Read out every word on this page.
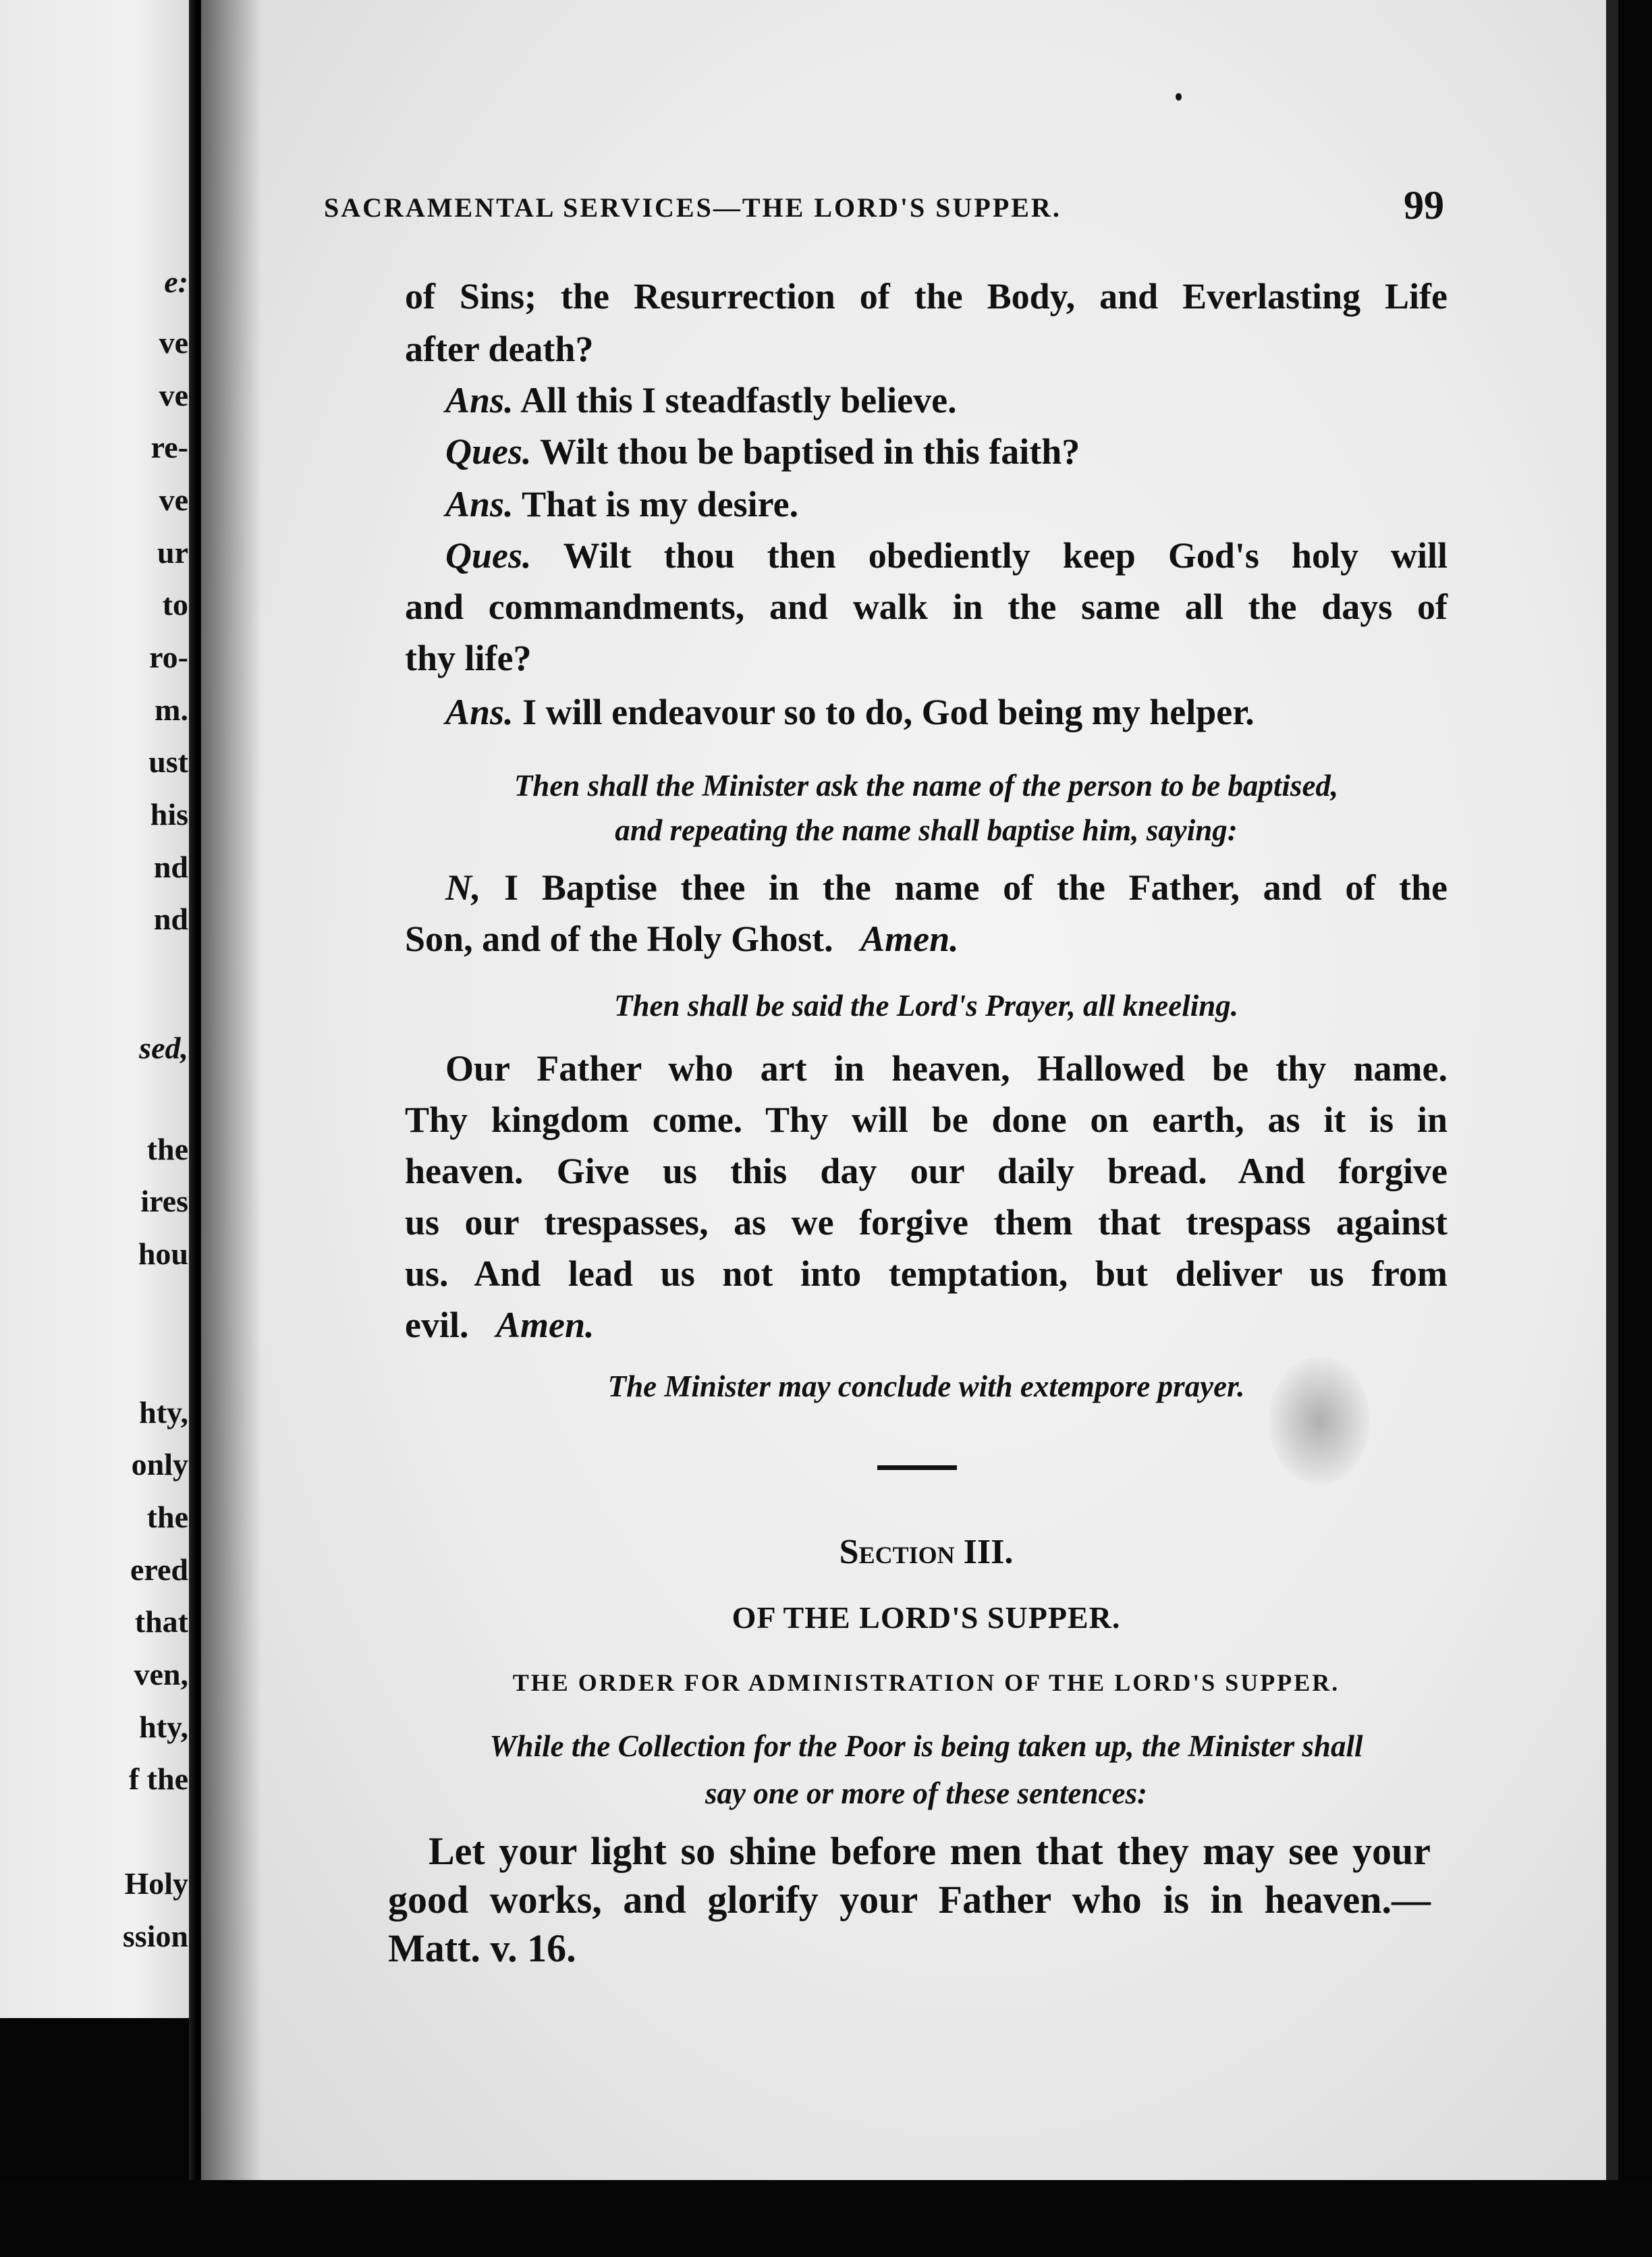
e:
ve
ve
re-
ve
ur
to
ro-
m.
ust
his
nd
nd
sed,
the
ires
hou
hty,
only
the
ered
that
ven,
hty,
f the
Holy
ssion
SACRAMENTAL SERVICES—THE LORD'S SUPPER.	99
of Sins; the Resurrection of the Body, and Everlasting Life
after death?
Ans. All this I steadfastly believe.
Ques. Wilt thou be baptised in this faith?
Ans. That is my desire.
Ques. Wilt thou then obediently keep God's holy will
and commandments, and walk in the same all the days of
thy life?
Ans. I will endeavour so to do, God being my helper.
Then shall the Minister ask the name of the person to be baptised,
and repeating the name shall baptise him, saying:
N, I Baptise thee in the name of the Father, and of the
Son, and of the Holy Ghost. Amen.
Then shall be said the Lord's Prayer, all kneeling.
Our Father who art in heaven, Hallowed be thy name.
Thy kingdom come. Thy will be done on earth, as it is in
heaven. Give us this day our daily bread. And forgive
us our trespasses, as we forgive them that trespass against
us. And lead us not into temptation, but deliver us from
evil. Amen.
The Minister may conclude with extempore prayer.
Section III.
OF THE LORD'S SUPPER.
THE ORDER FOR ADMINISTRATION OF THE LORD'S SUPPER.
While the Collection for the Poor is being taken up, the Minister shall
say one or more of these sentences:
Let your light so shine before men that they may see your
good works, and glorify your Father who is in heaven.—
Matt. v. 16.
